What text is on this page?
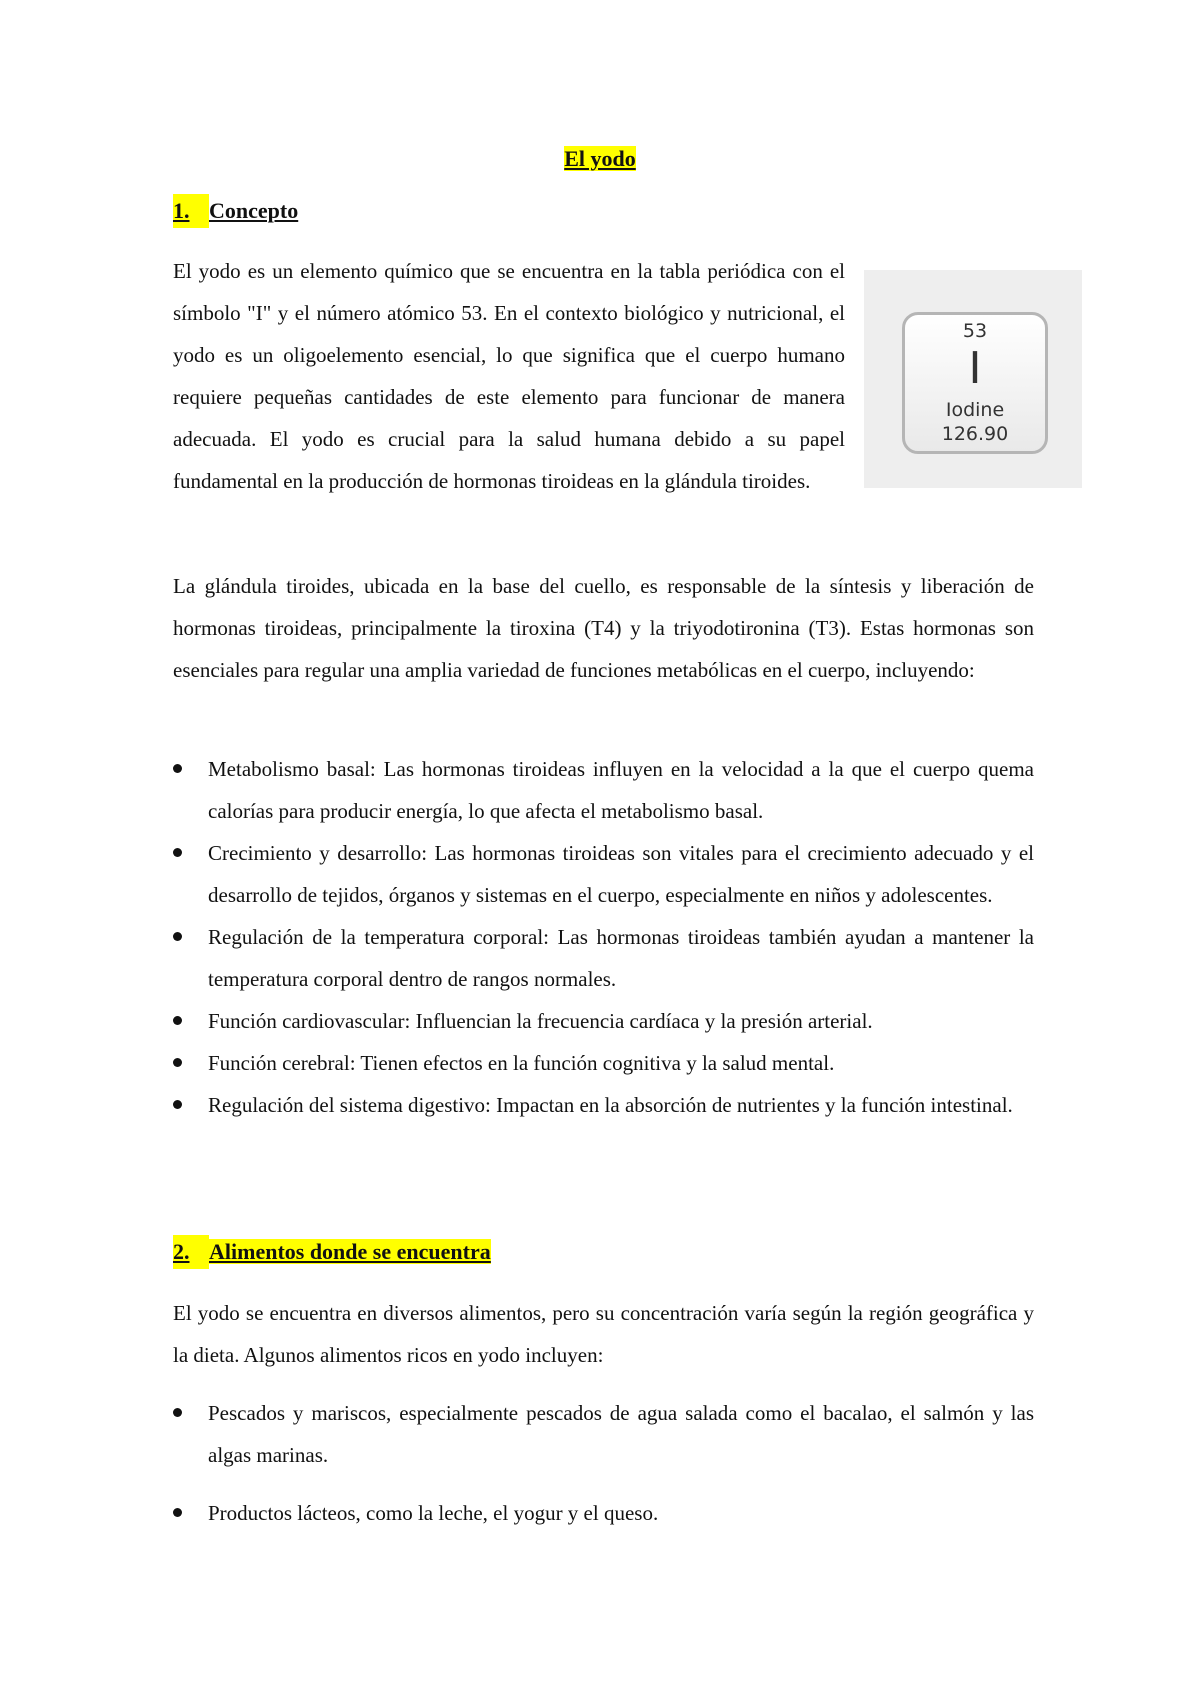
El yodo
1. Concepto

El yodo es un elemento químico que se encuentra en la tabla periódica con el símbolo "I" y el número atómico 53. En el contexto biológico y nutricional, el yodo es un oligoelemento esencial, lo que significa que el cuerpo humano requiere pequeñas cantidades de este elemento para funcionar de manera adecuada. El yodo es crucial para la salud humana debido a su papel fundamental en la producción de hormonas tiroideas en la glándula tiroides.

53
I
Iodine
126.90

La glándula tiroides, ubicada en la base del cuello, es responsable de la síntesis y liberación de hormonas tiroideas, principalmente la tiroxina (T4) y la triyodotironina (T3). Estas hormonas son esenciales para regular una amplia variedad de funciones metabólicas en el cuerpo, incluyendo:

Metabolismo basal: Las hormonas tiroideas influyen en la velocidad a la que el cuerpo quema calorías para producir energía, lo que afecta el metabolismo basal.
Crecimiento y desarrollo: Las hormonas tiroideas son vitales para el crecimiento adecuado y el desarrollo de tejidos, órganos y sistemas en el cuerpo, especialmente en niños y adolescentes.
Regulación de la temperatura corporal: Las hormonas tiroideas también ayudan a mantener la temperatura corporal dentro de rangos normales.
Función cardiovascular: Influencian la frecuencia cardíaca y la presión arterial.
Función cerebral: Tienen efectos en la función cognitiva y la salud mental.
Regulación del sistema digestivo: Impactan en la absorción de nutrientes y la función intestinal.
2. Alimentos donde se encuentra

El yodo se encuentra en diversos alimentos, pero su concentración varía según la región geográfica y la dieta. Algunos alimentos ricos en yodo incluyen:

Pescados y mariscos, especialmente pescados de agua salada como el bacalao, el salmón y las algas marinas.
Productos lácteos, como la leche, el yogur y el queso.
